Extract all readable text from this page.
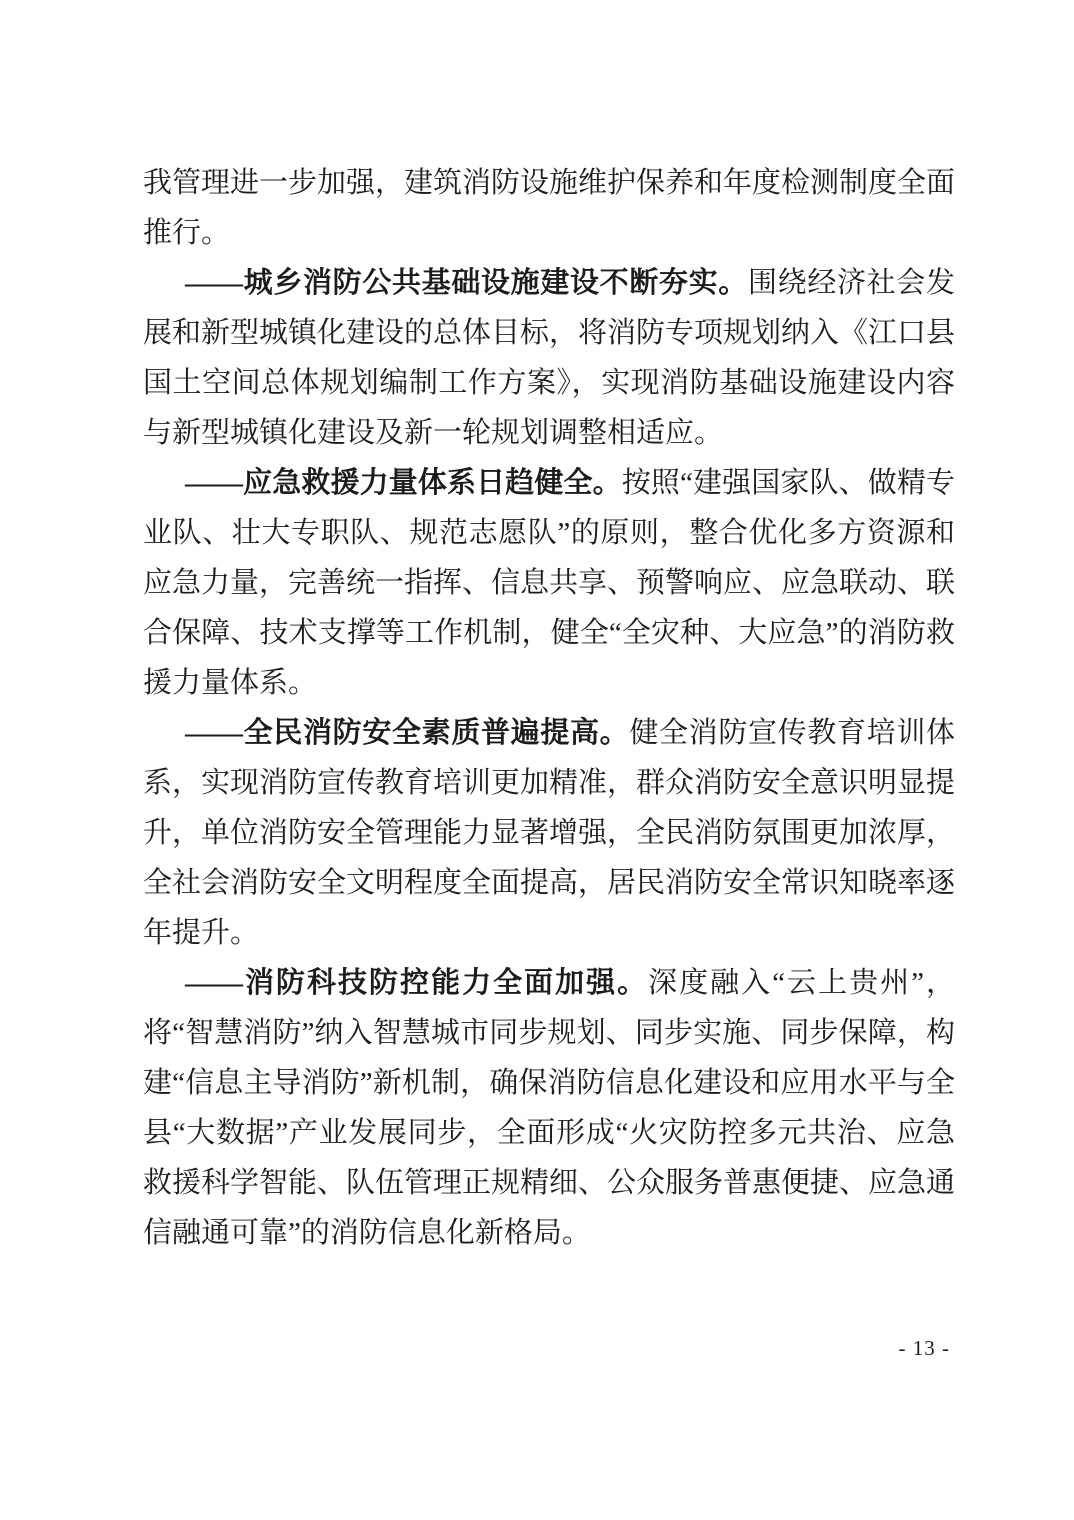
我管理进一步加强，建筑消防设施维护保养和年度检测制度全面推行。

——城乡消防公共基础设施建设不断夯实。围绕经济社会发展和新型城镇化建设的总体目标，将消防专项规划纳入《江口县国土空间总体规划编制工作方案》，实现消防基础设施建设内容与新型城镇化建设及新一轮规划调整相适应。

——应急救援力量体系日趋健全。按照“建强国家队、做精专业队、壮大专职队、规范志愿队”的原则，整合优化多方资源和应急力量，完善统一指挥、信息共享、预警响应、应急联动、联合保障、技术支撑等工作机制，健全“全灾种、大应急”的消防救援力量体系。

——全民消防安全素质普遍提高。健全消防宣传教育培训体系，实现消防宣传教育培训更加精准，群众消防安全意识明显提升，单位消防安全管理能力显著增强，全民消防氛围更加浓厚，全社会消防安全文明程度全面提高，居民消防安全常识知晓率逐年提升。

——消防科技防控能力全面加强。深度融入“云上贵州”，将“智慧消防”纳入智慧城市同步规划、同步实施、同步保障，构建“信息主导消防”新机制，确保消防信息化建设和应用水平与全县“大数据”产业发展同步，全面形成“火灾防控多元共治、应急救援科学智能、队伍管理正规精细、公众服务普惠便捷、应急通信融通可靠”的消防信息化新格局。

- 13 -
